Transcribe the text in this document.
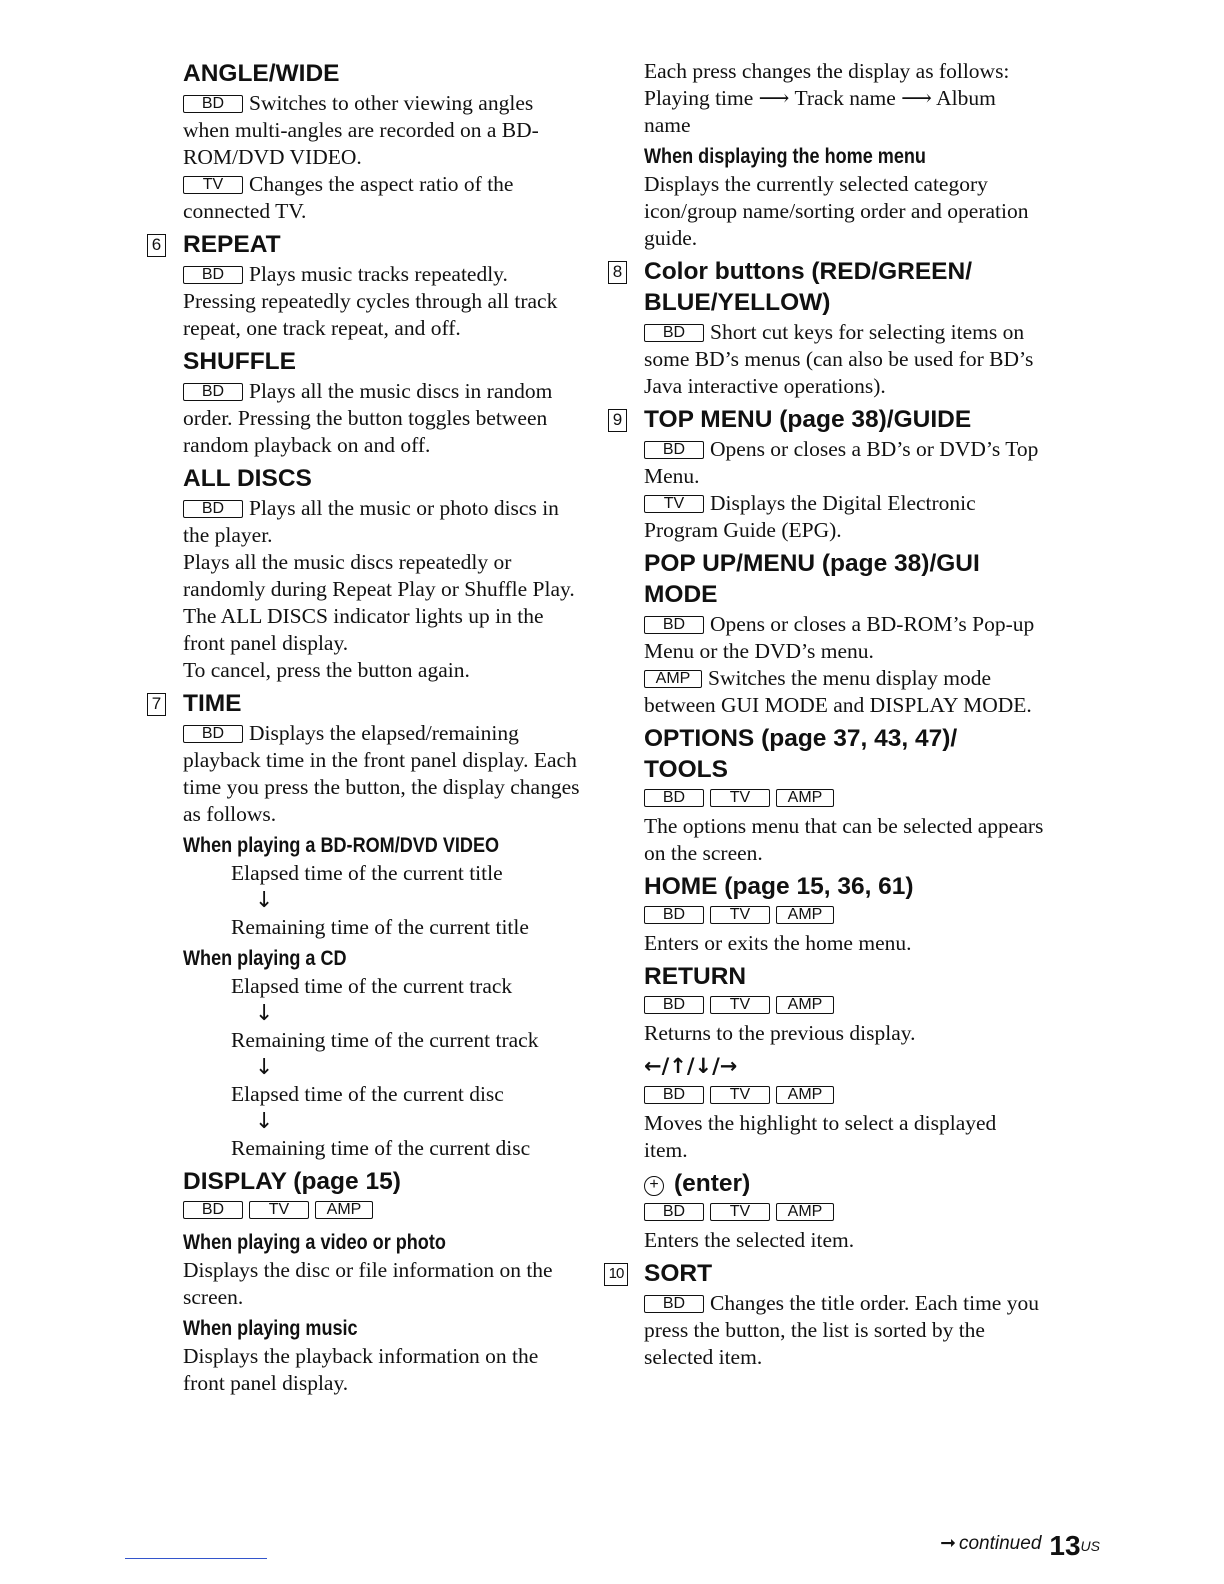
ANGLE/WIDE
BD Switches to other viewing angles when multi-angles are recorded on a BD-ROM/DVD VIDEO.
TV Changes the aspect ratio of the connected TV.
6 REPEAT
BD Plays music tracks repeatedly. Pressing repeatedly cycles through all track repeat, one track repeat, and off.
SHUFFLE
BD Plays all the music discs in random order. Pressing the button toggles between random playback on and off.
ALL DISCS
BD Plays all the music or photo discs in the player.
Plays all the music discs repeatedly or randomly during Repeat Play or Shuffle Play.
The ALL DISCS indicator lights up in the front panel display.
To cancel, press the button again.
7 TIME
BD Displays the elapsed/remaining playback time in the front panel display. Each time you press the button, the display changes as follows.
When playing a BD-ROM/DVD VIDEO
Elapsed time of the current title
↓
Remaining time of the current title
When playing a CD
Elapsed time of the current track
↓
Remaining time of the current track
↓
Elapsed time of the current disc
↓
Remaining time of the current disc
DISPLAY (page 15)
BD	TV AMP
When playing a video or photo
Displays the disc or file information on the screen.
When playing music
Displays the playback information on the front panel display.
Each press changes the display as follows:
Playing time ⟶ Track name ⟶ Album name
When displaying the home menu
Displays the currently selected category icon/group name/sorting order and operation guide.
8 Color buttons (RED/GREEN/ BLUE/YELLOW)
BD Short cut keys for selecting items on some BD’s menus (can also be used for BD’s Java interactive operations).
9 TOP MENU (page 38)/GUIDE
BD Opens or closes a BD’s or DVD’s Top Menu.
TV Displays the Digital Electronic Program Guide (EPG).
POP UP/MENU (page 38)/GUI MODE
BD Opens or closes a BD-ROM’s Pop-up Menu or the DVD’s menu.
AMP Switches the menu display mode between GUI MODE and DISPLAY MODE.
OPTIONS (page 37, 43, 47)/ TOOLS
BD	TV AMP
The options menu that can be selected appears on the screen.
HOME (page 15, 36, 61)
BD	TV AMP
Enters or exits the home menu.
RETURN
BD	TV AMP
Returns to the previous display.
←/↑/↓/→
BD	TV AMP
Moves the highlight to select a displayed item.
+ (enter)
BD	TV AMP
Enters the selected item.
10 SORT
BD Changes the title order. Each time you press the button, the list is sorted by the selected item.
➞ continued 13US
